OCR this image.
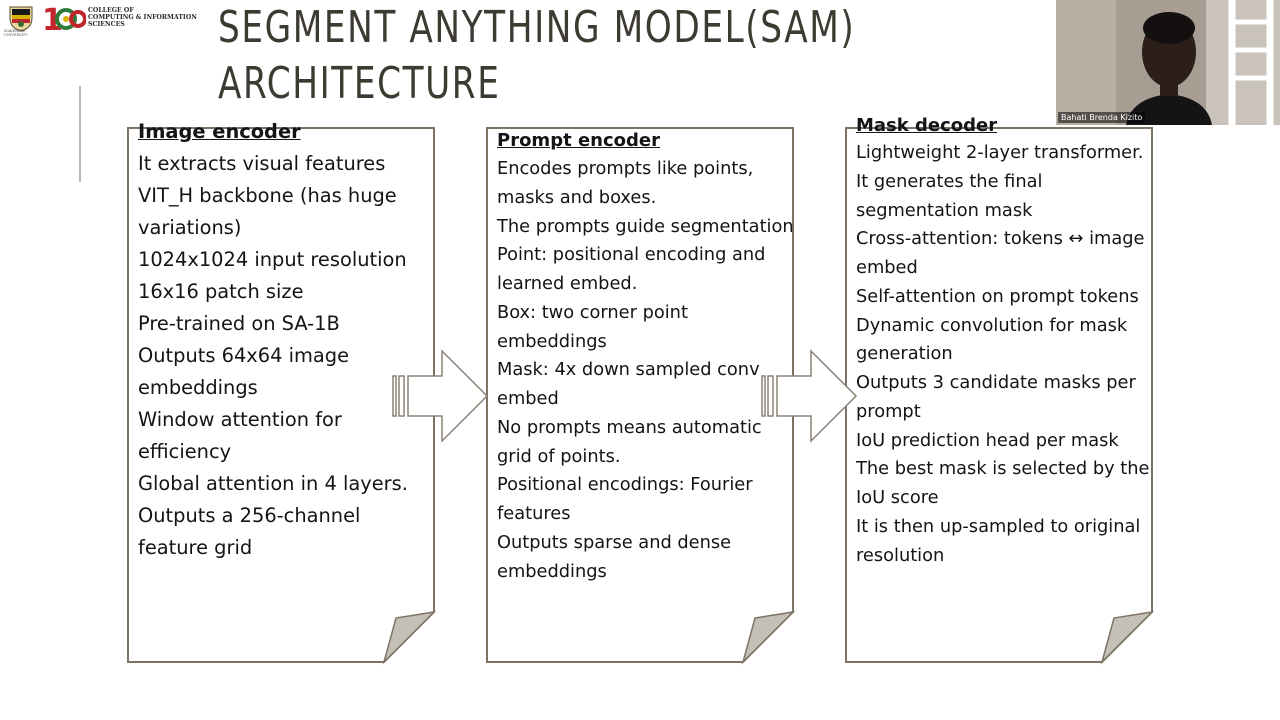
1	COLLEGE OF
COMPUTING & INFORMATION
SCIENCES
MAKERERE UNIVERSITY	SEGMENT ANYTHING MODEL(SAM)
ARCHITECTURE
Image encoder

It extracts visual features

VIT_H backbone (has huge variations)

1024x1024 input resolution

16x16 patch size

Pre-trained on SA-1B

Outputs 64x64 image embeddings

Window attention for efficiency

Global attention in 4 layers.

Outputs a 256-channel feature grid

Prompt encoder

Encodes prompts like points, masks and boxes.

The prompts guide segmentation

Point: positional encoding and learned embed.

Box: two corner point embeddings

Mask: 4x down sampled conv embed

No prompts means automatic grid of points.

Positional encodings: Fourier features

Outputs sparse and dense embeddings

Mask decoder

Lightweight 2-layer transformer.

It generates the final segmentation mask

Cross-attention: tokens ↔ image embed

Self-attention on prompt tokens

Dynamic convolution for mask generation

Outputs 3 candidate masks per prompt

IoU prediction head per mask

The best mask is selected by the IoU score

It is then up-sampled to original resolution

Bahati Brenda Kizito
